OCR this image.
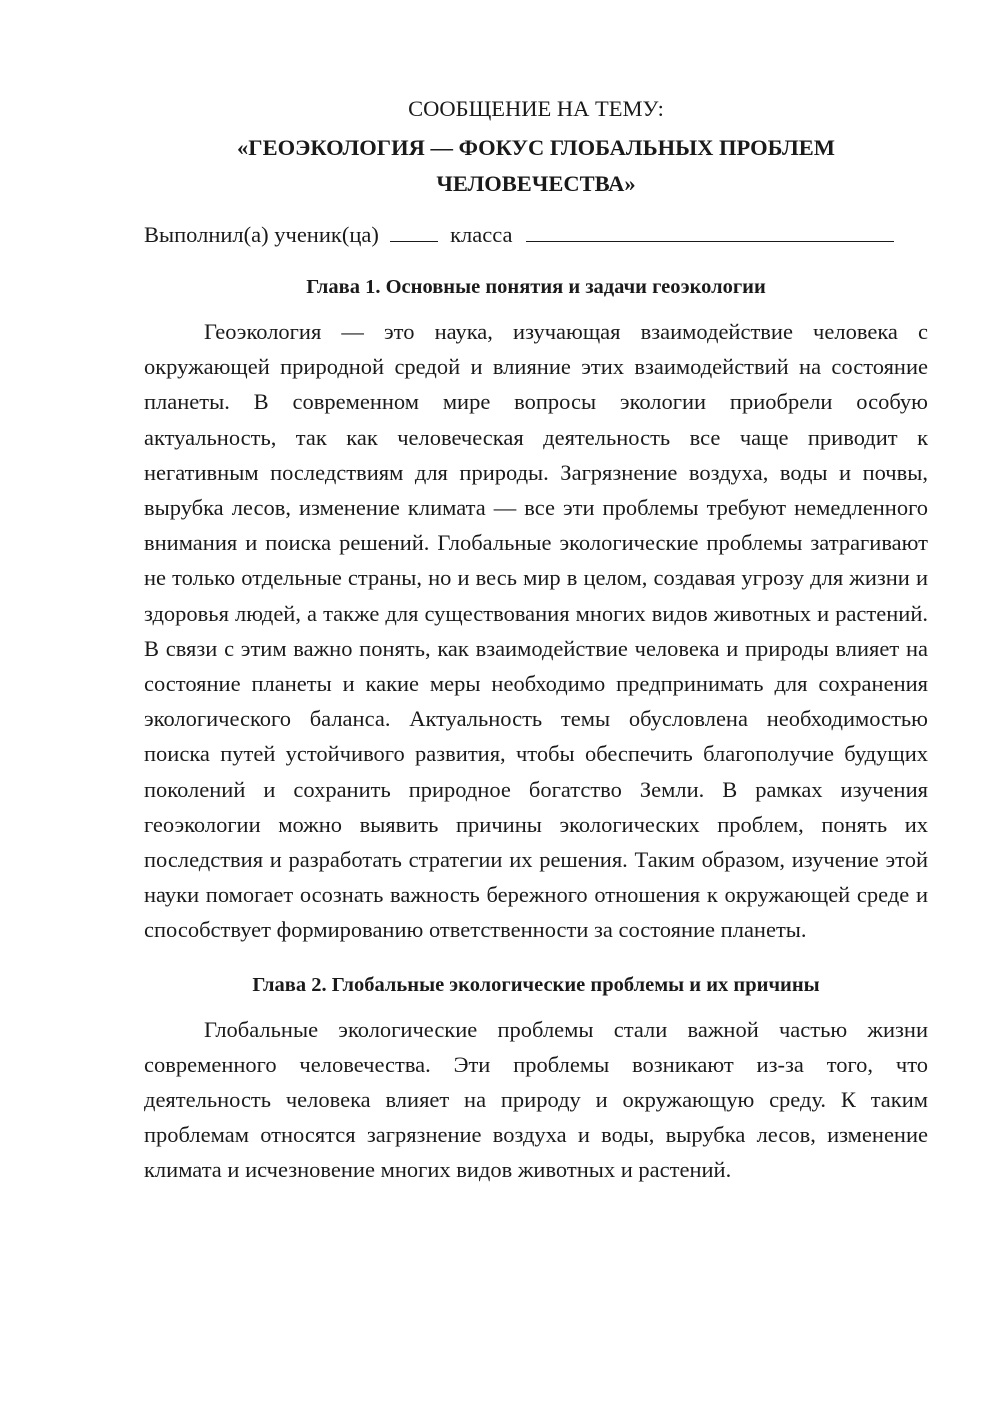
СООБЩЕНИЕ НА ТЕМУ:
«ГЕОЭКОЛОГИЯ — ФОКУС ГЛОБАЛЬНЫХ ПРОБЛЕМ ЧЕЛОВЕЧЕСТВА»

Выполнил(а) ученик(ца)	класса

Глава 1. Основные понятия и задачи геоэкологии

Геоэкология — это наука, изучающая взаимодействие человека с окружающей природной средой и влияние этих взаимодействий на состояние планеты. В современном мире вопросы экологии приобрели особую актуальность, так как человеческая деятельность все чаще приводит к негативным последствиям для природы. Загрязнение воздуха, воды и почвы, вырубка лесов, изменение климата — все эти проблемы требуют немедленного внимания и поиска решений. Глобальные экологические проблемы затрагивают не только отдельные страны, но и весь мир в целом, создавая угрозу для жизни и здоровья людей, а также для существования многих видов животных и растений. В связи с этим важно понять, как взаимодействие человека и природы влияет на состояние планеты и какие меры необходимо предпринимать для сохранения экологического баланса. Актуальность темы обусловлена необходимостью поиска путей устойчивого развития, чтобы обеспечить благополучие будущих поколений и сохранить природное богатство Земли. В рамках изучения геоэкологии можно выявить причины экологических проблем, понять их последствия и разработать стратегии их решения. Таким образом, изучение этой науки помогает осознать важность бережного отношения к окружающей среде и способствует формированию ответственности за состояние планеты.

Глава 2. Глобальные экологические проблемы и их причины

Глобальные экологические проблемы стали важной частью жизни современного человечества. Эти проблемы возникают из-за того, что деятельность человека влияет на природу и окружающую среду. К таким проблемам относятся загрязнение воздуха и воды, вырубка лесов, изменение климата и исчезновение многих видов животных и растений.
